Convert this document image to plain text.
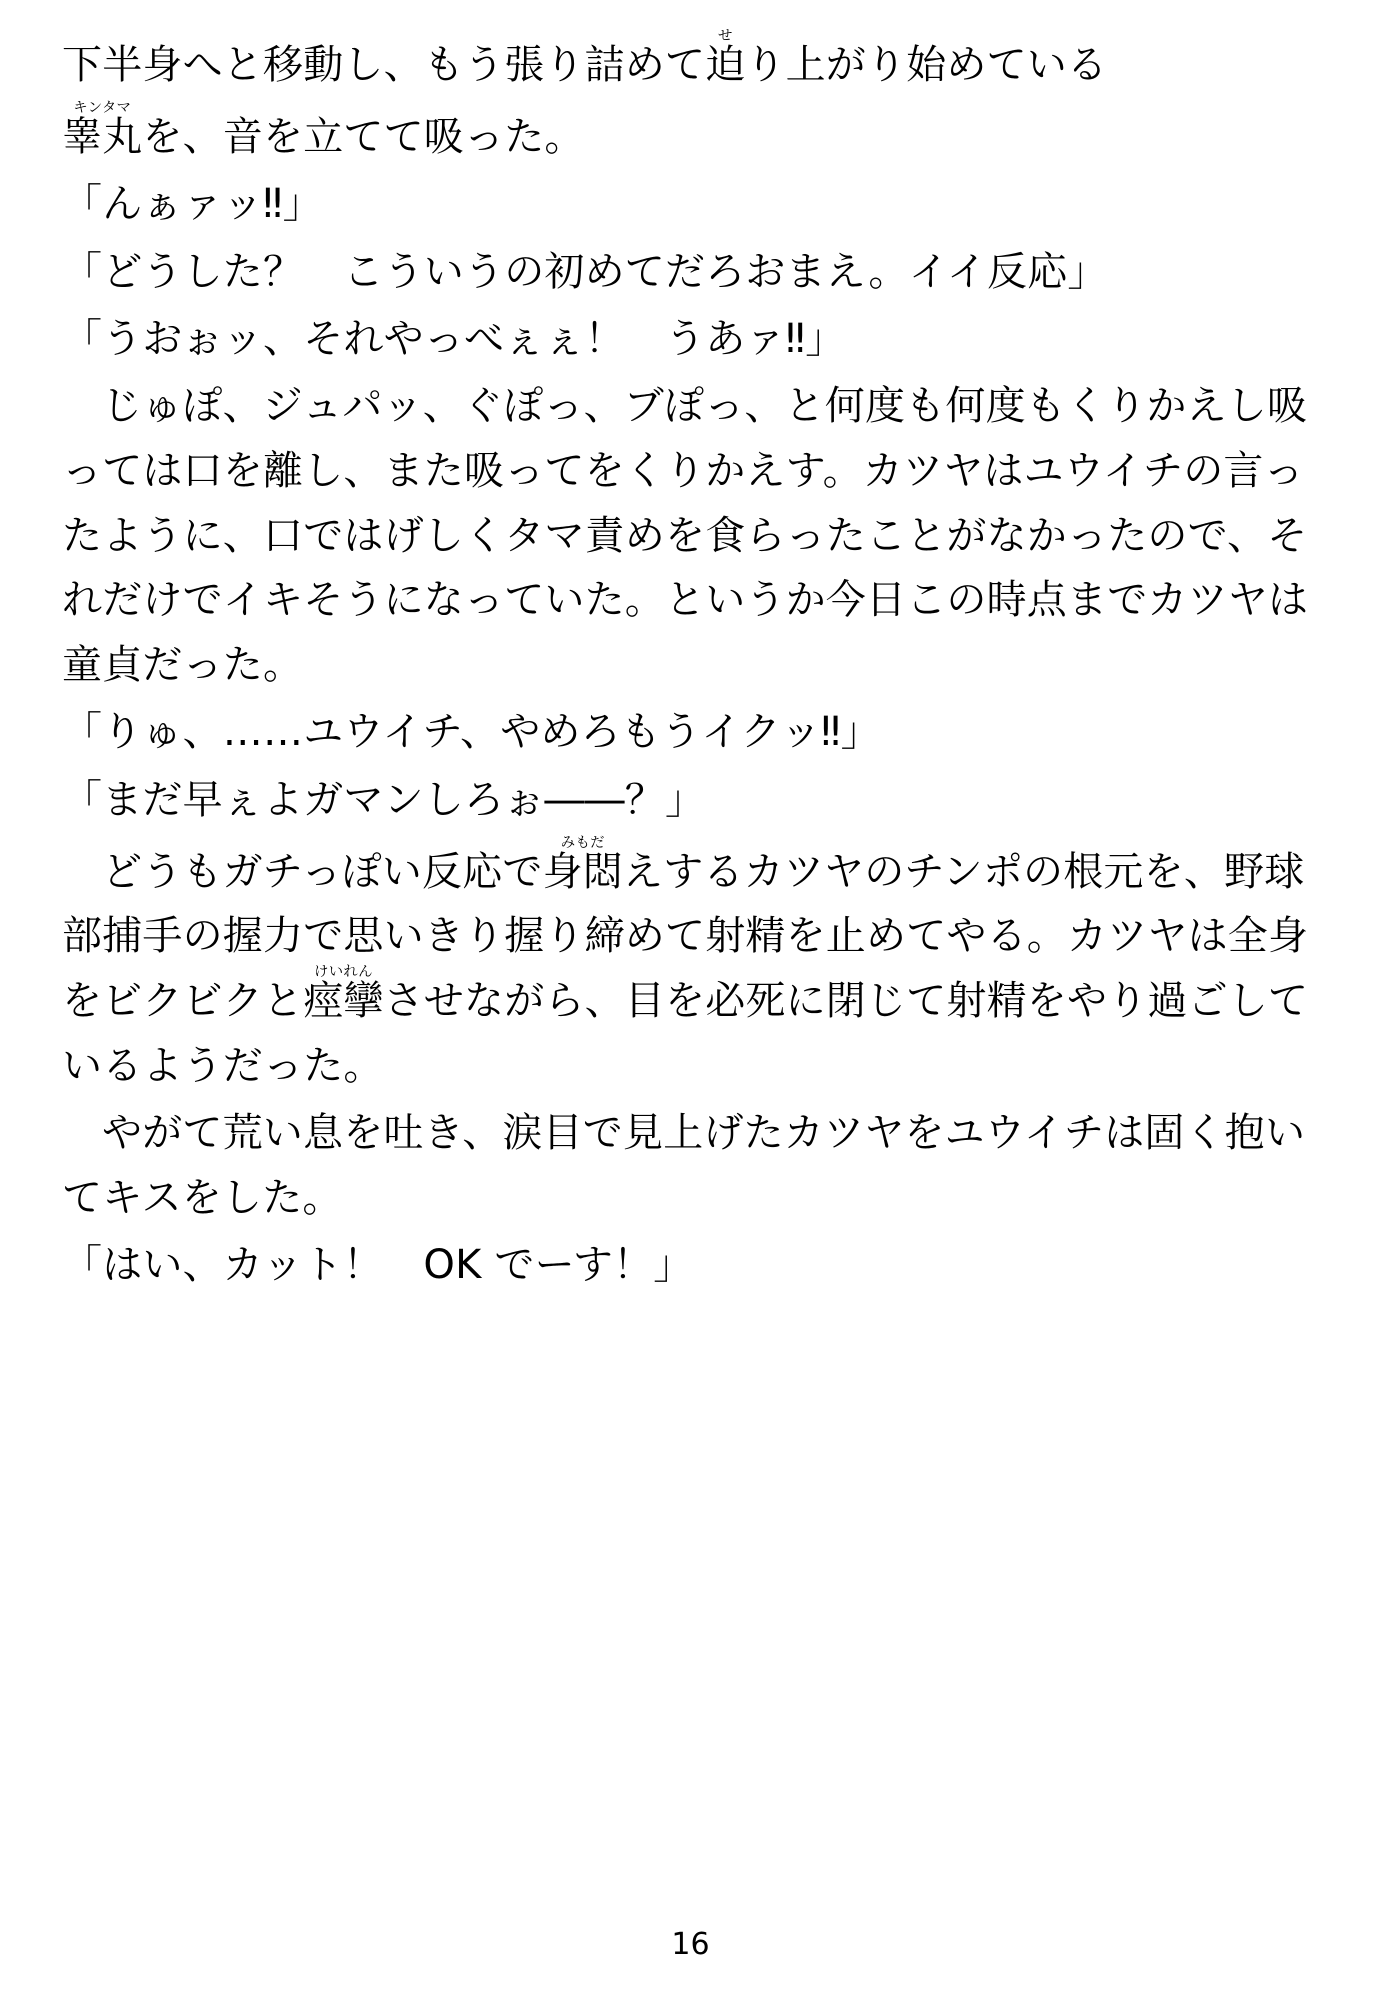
下半身へと移動し、もう張り詰めて迫せり上がり始めている
睾丸キンタマを、音を立てて吸った。
「んぁァッ‼」
「どうした？　こういうの初めてだろおまえ。イイ反応」
「うおぉッ、それやっべぇぇ！　うあァ‼」
じゅぽ、ジュパッ、ぐぽっ、ブぽっ、と何度も何度もくりかえし吸っては口を離し、また吸ってをくりかえす。カツヤはユウイチの言ったように、口ではげしくタマ責めを食らったことがなかったので、それだけでイキそうになっていた。というか今日この時点までカツヤは童貞だった。
「りゅ、……ユウイチ、やめろもうイクッ‼」
「まだ早ぇよガマンしろぉ――？」
どうもガチっぽい反応で身悶みもだえするカツヤのチンポの根元を、野球部捕手の握力で思いきり握り締めて射精を止めてやる。カツヤは全身をビクビクと痙攣けいれんさせながら、目を必死に閉じて射精をやり過ごしているようだった。
やがて荒い息を吐き、涙目で見上げたカツヤをユウイチは固く抱いてキスをした。
「はい、カット！　OK でーす！」
16
